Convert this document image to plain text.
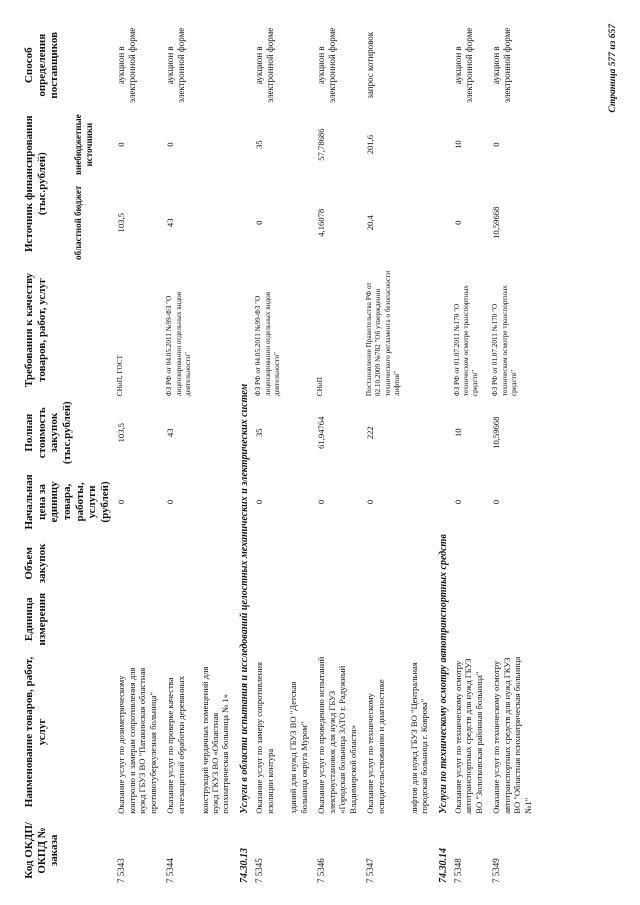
Код ОКДП/ ОКПД № заказа	Наименование товаров, работ, услуг	Единица измерения	Объем закупок	Начальная цена за единицу товара, работы, услуги (рублей)	Полная стоимость закупок (тыс.рублей)	Требования к качеству товаров, работ, услуг	Источник финансирования (тыс.рублей)		Способ определения поставщиков
							областной бюджет	внебюджетные источники	
7 5343	Оказание услуг по дозиметрическому контролю и замерам сопротивления для нужд ГБУЗ ВО "Патакинская областная противотуберкулезная больница"			0	103,5	СНиП, ГОСТ	103,5	0	аукцион в электронной форме
7 5344	Оказание услуг по проверке качества огнезащитной обработки деревянных			0	43	ФЗ РФ от 04.05.2011 №99-ФЗ "О лицензировании отдельных видов деятельности"	43	0	аукцион в электронной форме
	конструкций чердачных помещений для нужд ГКУЗ ВО «Областная психиатрическая больница № 1»								
74.30.13	Услуги в области испытания и исследований целостных механических и электрических систем								
7 5345	Оказание услуг по замеру сопротивления изоляции контура			0	35	ФЗ РФ от 04.05.2011 №99-ФЗ "О лицензировании отдельных видов деятельности"	0	35	аукцион в электронной форме
	зданий для нужд ГБУЗ ВО "Детская больница округа Муром"								
7 5346	Оказание услуг по проведению испытаний электроустановок для нужд ГБУЗ «Городская больница ЗАТО г. Радужный Владимирской области»			0	61,94764	СНиП	4,16078	57,78686	аукцион в электронной форме
7 5347	Оказание услуг по техническому освидетельствованию и диагностике			0	222	Постановление Правительства РФ от 02.10.2009 №782 "Об утверждении технического регламента о безопасности лифтов"	20,4	201,6	запрос котировок
	лифтов для нужд ГБУЗ ВО "Центральная городская больница г. Коврова"								
74.30.14	Услуги по техническому осмотру автотранспортных средств								
7 5348	Оказание услуг по техническому осмотру автотранспортных средств для нужд ГБУЗ ВО "Золотковская районная больница"			0	10	ФЗ РФ от 01.07.2011 №170 "О техническом осмотре транспортных средств"	0	10	аукцион в электронной форме
7 5349	Оказание услуг по техническому осмотру автотранспортных средств для нужд ГКУЗ ВО "Областная психиатрическая больница №1"			0	10,59668	ФЗ РФ от 01.07.2011 №170 "О техническом осмотре транспортных средств"	10,59668	0	аукцион в электронной форме	Страница 577 из 657
